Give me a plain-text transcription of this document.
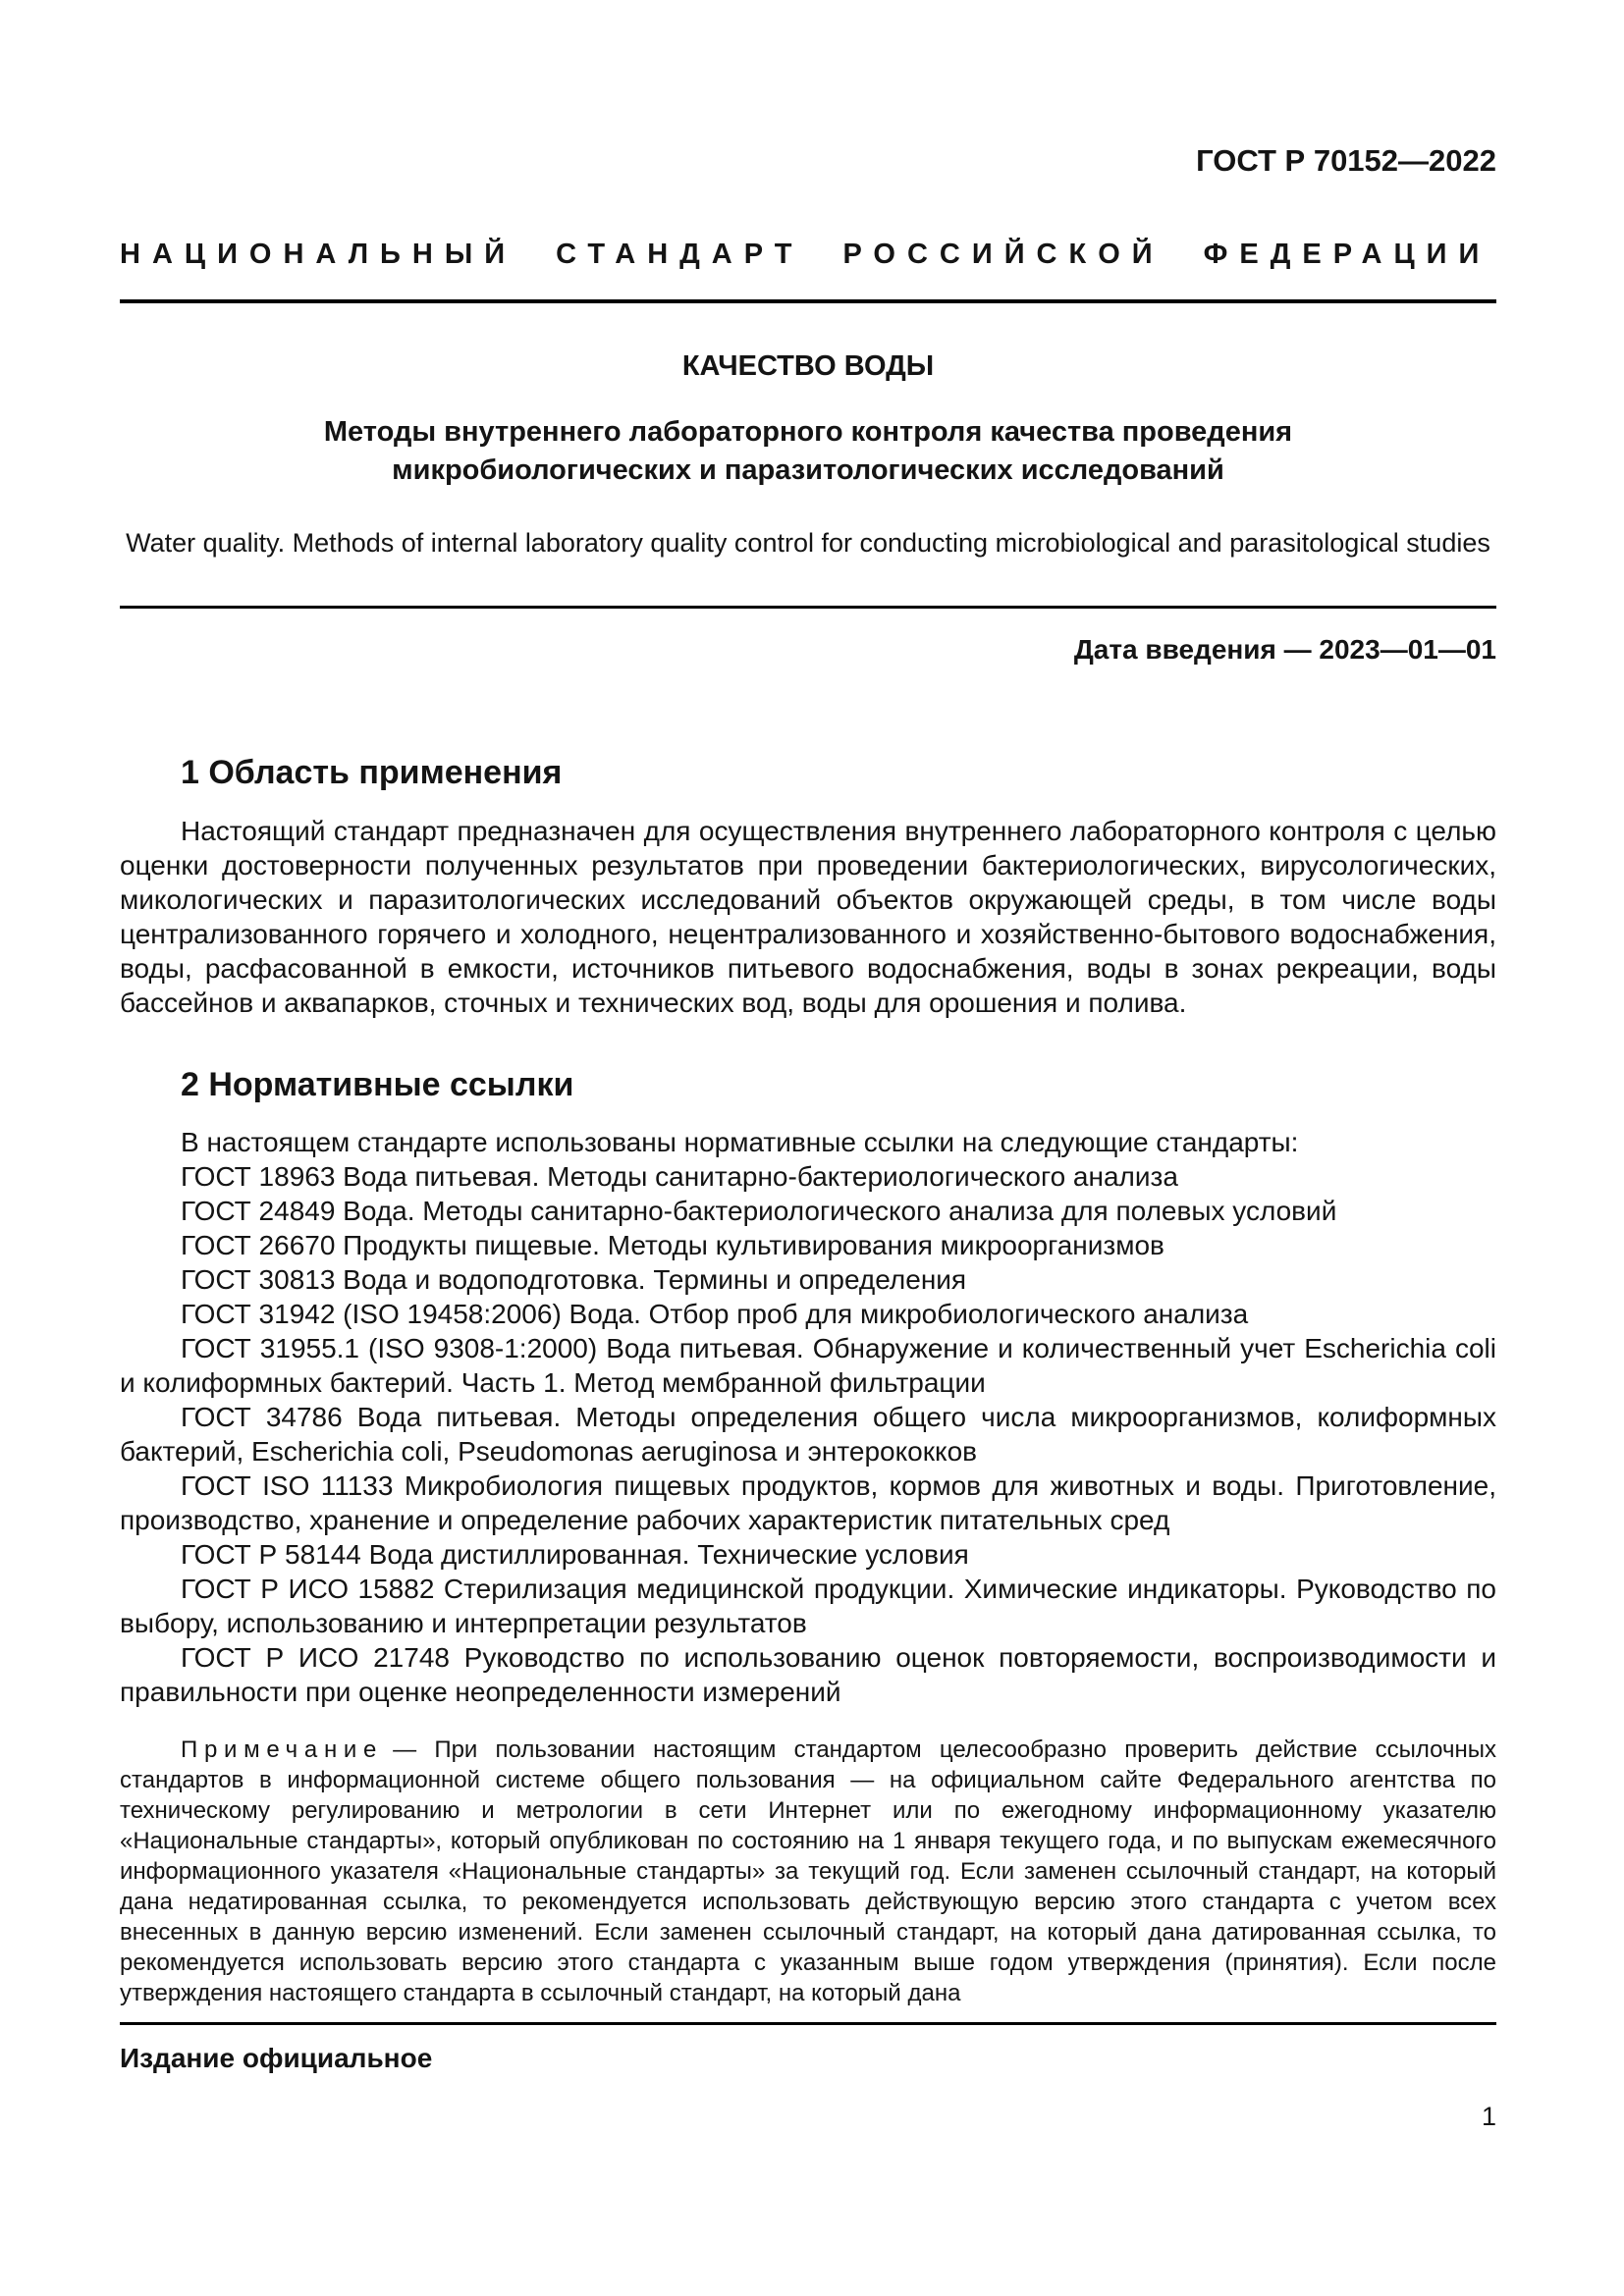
ГОСТ Р 70152—2022
НАЦИОНАЛЬНЫЙ СТАНДАРТ РОССИЙСКОЙ ФЕДЕРАЦИИ
КАЧЕСТВО ВОДЫ
Методы внутреннего лабораторного контроля качества проведения
микробиологических и паразитологических исследований
Water quality. Methods of internal laboratory quality control for conducting microbiological and parasitological studies
Дата введения — 2023—01—01
1 Область применения

Настоящий стандарт предназначен для осуществления внутреннего лабораторного контроля с целью оценки достоверности полученных результатов при проведении бактериологических, вирусологических, микологических и паразитологических исследований объектов окружающей среды, в том числе воды централизованного горячего и холодного, нецентрализованного и хозяйственно-бытового водоснабжения, воды, расфасованной в емкости, источников питьевого водоснабжения, воды в зонах рекреации, воды бассейнов и аквапарков, сточных и технических вод, воды для орошения и полива.

2 Нормативные ссылки

В настоящем стандарте использованы нормативные ссылки на следующие стандарты:

ГОСТ 18963 Вода питьевая. Методы санитарно-бактериологического анализа

ГОСТ 24849 Вода. Методы санитарно-бактериологического анализа для полевых условий

ГОСТ 26670 Продукты пищевые. Методы культивирования микроорганизмов

ГОСТ 30813 Вода и водоподготовка. Термины и определения

ГОСТ 31942 (ISO 19458:2006) Вода. Отбор проб для микробиологического анализа

ГОСТ 31955.1 (ISO 9308-1:2000) Вода питьевая. Обнаружение и количественный учет Escherichia coli и колиформных бактерий. Часть 1. Метод мембранной фильтрации

ГОСТ 34786 Вода питьевая. Методы определения общего числа микроорганизмов, колиформных бактерий, Escherichia coli, Pseudomonas aeruginosa и энтерококков

ГОСТ ISO 11133 Микробиология пищевых продуктов, кормов для животных и воды. Приготовление, производство, хранение и определение рабочих характеристик питательных сред

ГОСТ Р 58144 Вода дистиллированная. Технические условия

ГОСТ Р ИСО 15882 Стерилизация медицинской продукции. Химические индикаторы. Руководство по выбору, использованию и интерпретации результатов

ГОСТ Р ИСО 21748 Руководство по использованию оценок повторяемости, воспроизводимости и правильности при оценке неопределенности измерений

Примечание — При пользовании настоящим стандартом целесообразно проверить действие ссылочных стандартов в информационной системе общего пользования — на официальном сайте Федерального агентства по техническому регулированию и метрологии в сети Интернет или по ежегодному информационному указателю «Национальные стандарты», который опубликован по состоянию на 1 января текущего года, и по выпускам ежемесячного информационного указателя «Национальные стандарты» за текущий год. Если заменен ссылочный стандарт, на который дана недатированная ссылка, то рекомендуется использовать действующую версию этого стандарта с учетом всех внесенных в данную версию изменений. Если заменен ссылочный стандарт, на который дана датированная ссылка, то рекомендуется использовать версию этого стандарта с указанным выше годом утверждения (принятия). Если после утверждения настоящего стандарта в ссылочный стандарт, на который дана

Издание официальное
1
